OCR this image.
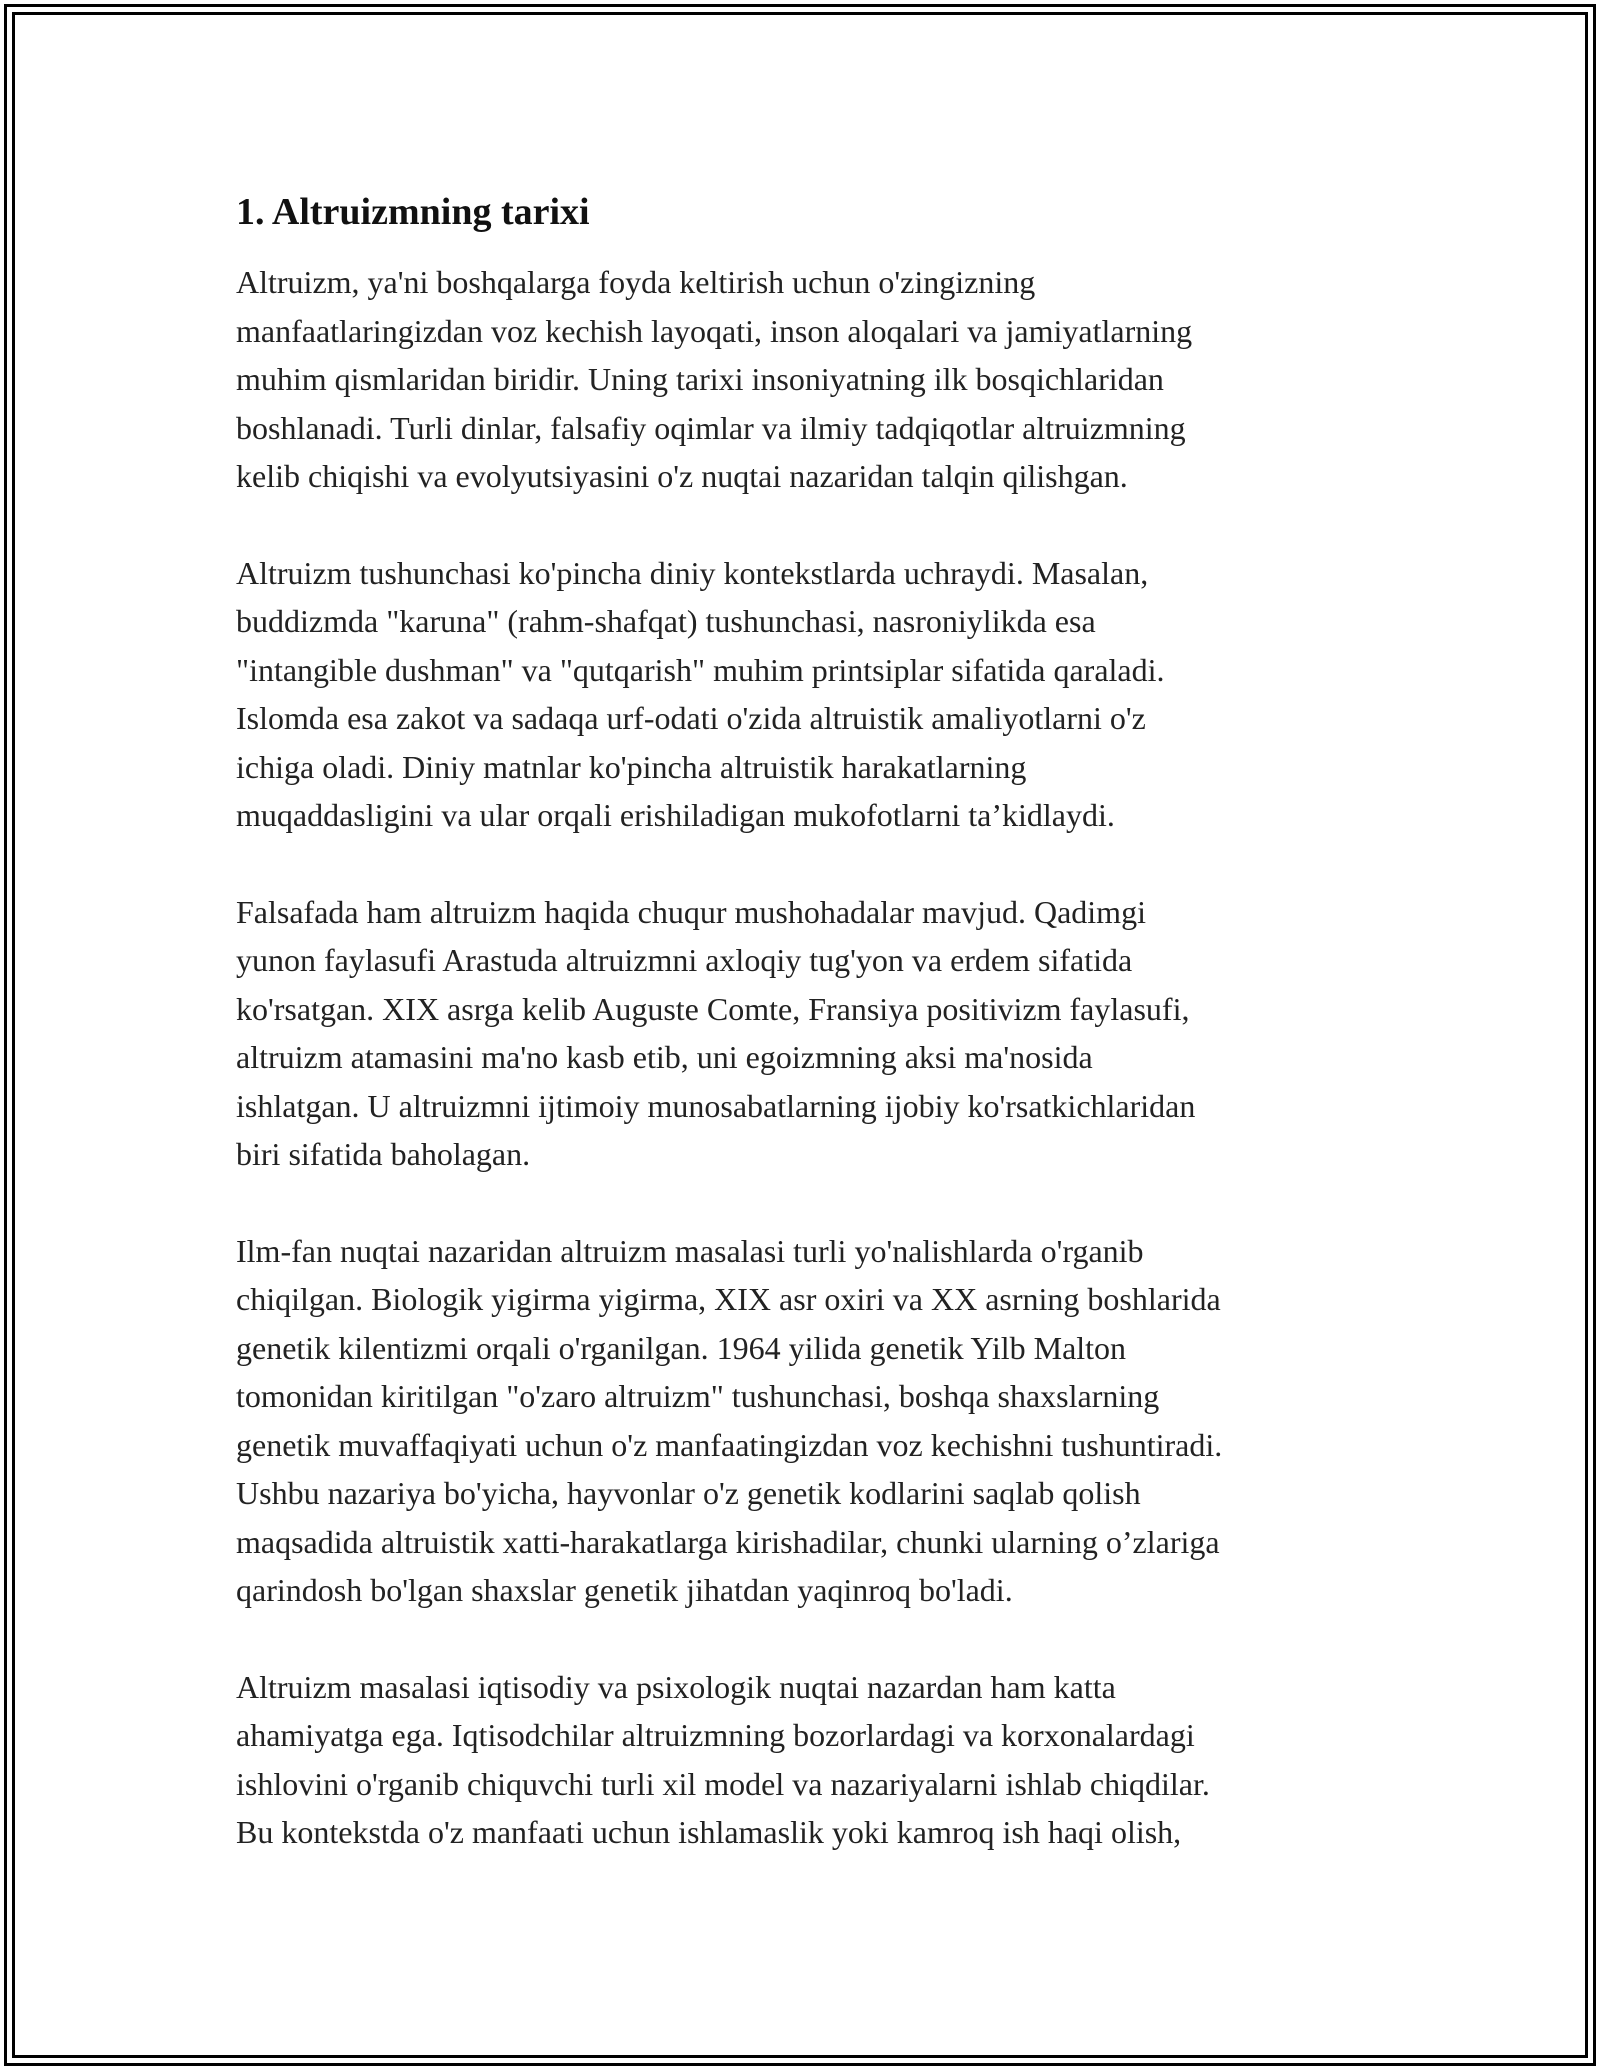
1. Altruizmning tarixi

Altruizm, ya'ni boshqalarga foyda keltirish uchun o'zingizning
manfaatlaringizdan voz kechish layoqati, inson aloqalari va jamiyatlarning
muhim qismlaridan biridir. Uning tarixi insoniyatning ilk bosqichlaridan
boshlanadi. Turli dinlar, falsafiy oqimlar va ilmiy tadqiqotlar altruizmning
kelib chiqishi va evolyutsiyasini o'z nuqtai nazaridan talqin qilishgan.

Altruizm tushunchasi ko'pincha diniy kontekstlarda uchraydi. Masalan,
buddizmda "karuna" (rahm-shafqat) tushunchasi, nasroniylikda esa
"intangible dushman" va "qutqarish" muhim printsiplar sifatida qaraladi.
Islomda esa zakot va sadaqa urf-odati o'zida altruistik amaliyotlarni o'z
ichiga oladi. Diniy matnlar ko'pincha altruistik harakatlarning
muqaddasligini va ular orqali erishiladigan mukofotlarni ta’kidlaydi.

Falsafada ham altruizm haqida chuqur mushohadalar mavjud. Qadimgi
yunon faylasufi Arastuda altruizmni axloqiy tug'yon va erdem sifatida
ko'rsatgan. XIX asrga kelib Auguste Comte, Fransiya positivizm faylasufi,
altruizm atamasini ma'no kasb etib, uni egoizmning aksi ma'nosida
ishlatgan. U altruizmni ijtimoiy munosabatlarning ijobiy ko'rsatkichlaridan
biri sifatida baholagan.

Ilm-fan nuqtai nazaridan altruizm masalasi turli yo'nalishlarda o'rganib
chiqilgan. Biologik yigirma yigirma, XIX asr oxiri va XX asrning boshlarida
genetik kilentizmi orqali o'rganilgan. 1964 yilida genetik Yilb Malton
tomonidan kiritilgan "o'zaro altruizm" tushunchasi, boshqa shaxslarning
genetik muvaffaqiyati uchun o'z manfaatingizdan voz kechishni tushuntiradi.
Ushbu nazariya bo'yicha, hayvonlar o'z genetik kodlarini saqlab qolish
maqsadida altruistik xatti-harakatlarga kirishadilar, chunki ularning o’zlariga
qarindosh bo'lgan shaxslar genetik jihatdan yaqinroq bo'ladi.

Altruizm masalasi iqtisodiy va psixologik nuqtai nazardan ham katta
ahamiyatga ega. Iqtisodchilar altruizmning bozorlardagi va korxonalardagi
ishlovini o'rganib chiquvchi turli xil model va nazariyalarni ishlab chiqdilar.
Bu kontekstda o'z manfaati uchun ishlamaslik yoki kamroq ish haqi olish,
